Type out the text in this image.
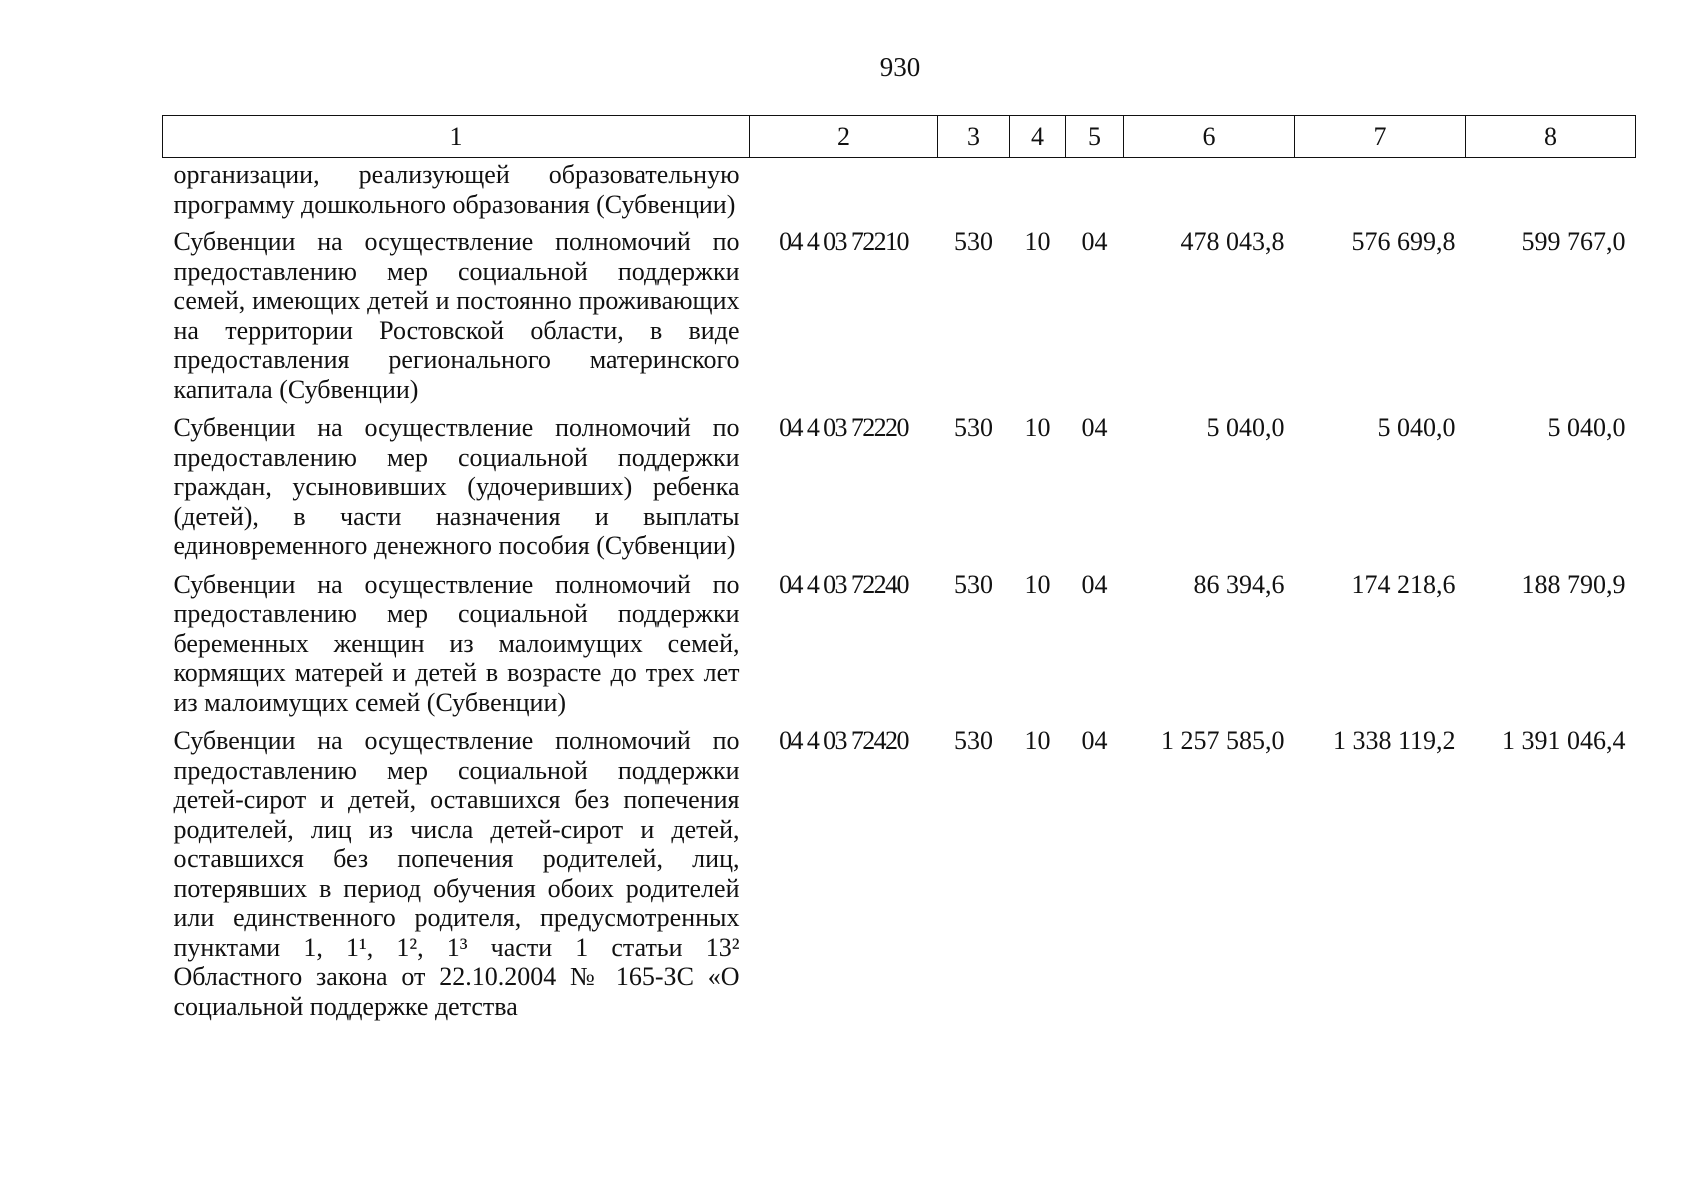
930
1	2	3	4	5	6	7	8
организации, реализующей образовательную программу дошкольного образования (Субвенции)							
Субвенции на осуществление полномочий по предоставлению мер социальной поддержки семей, имеющих детей и постоянно проживающих на территории Ростовской области, в виде предоставления регионального материнского капитала (Субвенции)	04 4 03 72210	530	10	04	478 043,8	576 699,8	599 767,0
Субвенции на осуществление полномочий по предоставлению мер социальной поддержки граждан, усыновивших (удочеривших) ребенка (детей), в части назначения и выплаты единовременного денежного пособия (Субвенции)	04 4 03 72220	530	10	04	5 040,0	5 040,0	5 040,0
Субвенции на осуществление полномочий по предоставлению мер социальной поддержки беременных женщин из малоимущих семей, кормящих матерей и детей в возрасте до трех лет из малоимущих семей (Субвенции)	04 4 03 72240	530	10	04	86 394,6	174 218,6	188 790,9
Субвенции на осуществление полномочий по предоставлению мер социальной поддержки детей-сирот и детей, оставшихся без попечения родителей, лиц из числа детей-сирот и детей, оставшихся без попечения родителей, лиц, потерявших в период обучения обоих родителей или единственного родителя, предусмотренных пунктами 1, 1¹, 1², 1³ части 1 статьи 13² Областного закона от 22.10.2004 № 165-ЗС «О социальной поддержке детства	04 4 03 72420	530	10	04	1 257 585,0	1 338 119,2	1 391 046,4
